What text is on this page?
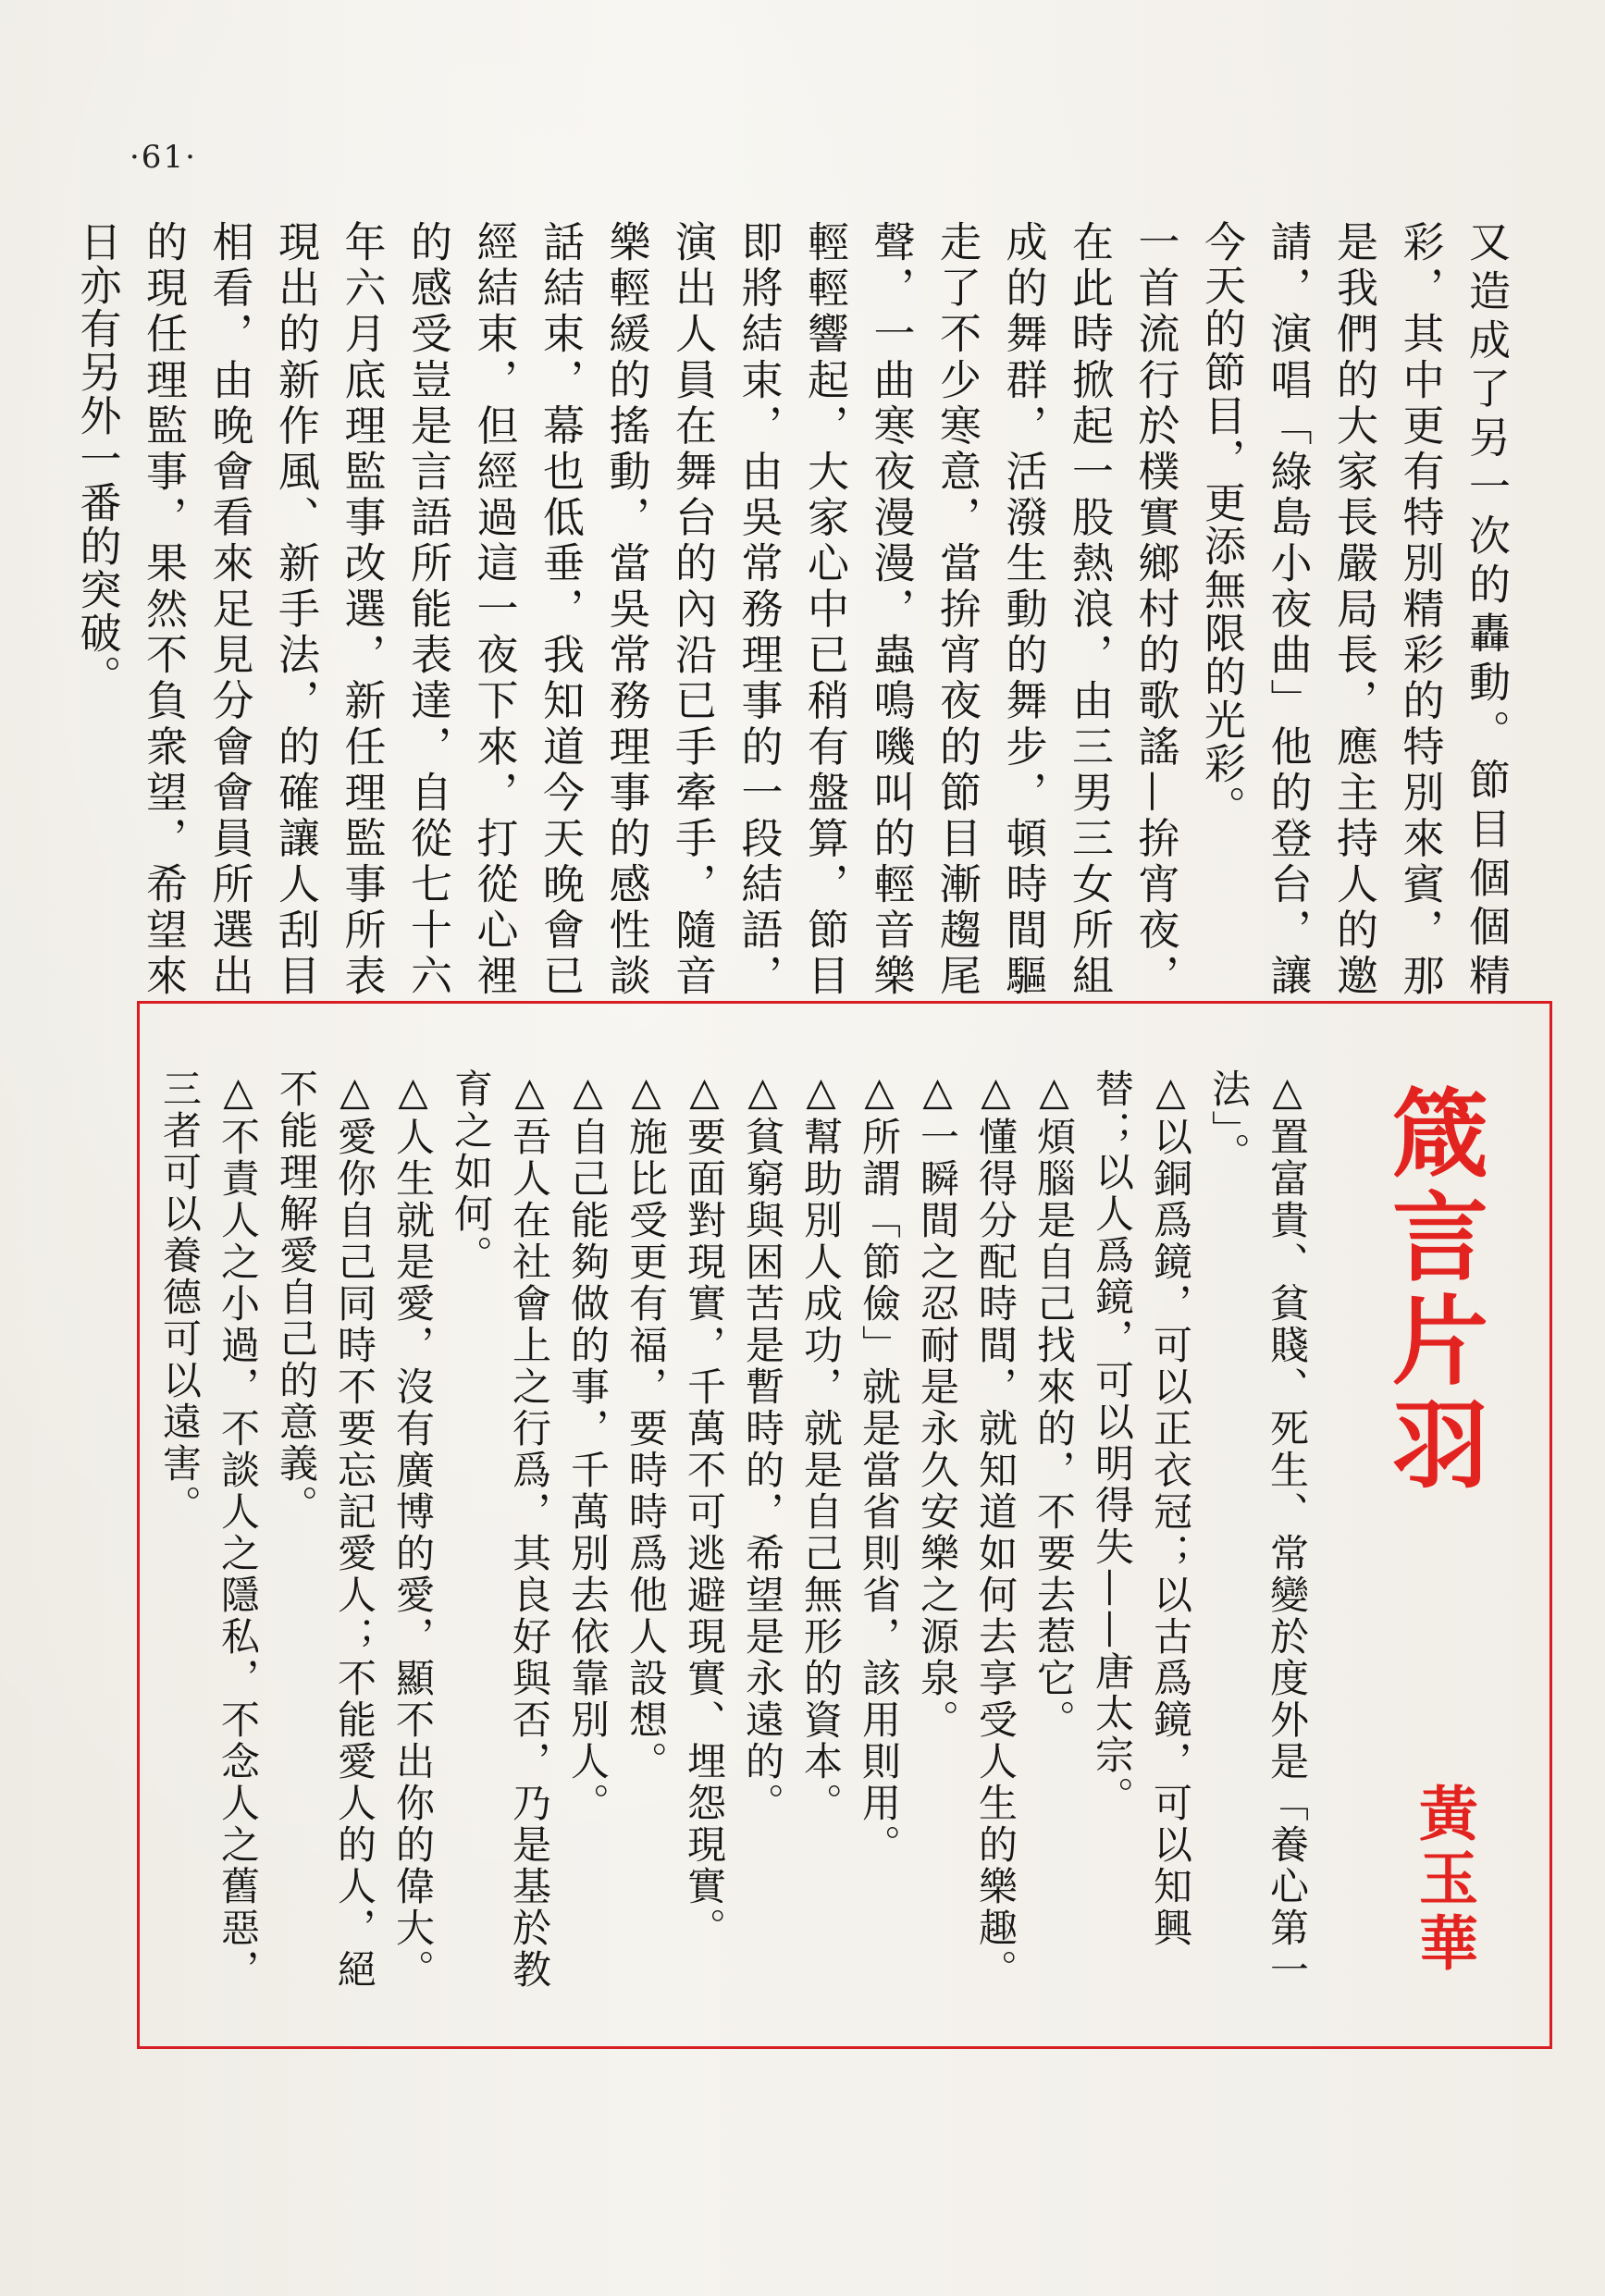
·61·

又造成了另一次的轟動。節目個個精彩，其中更有特別精彩的特別來賓，那是我們的大家長嚴局長，應主持人的邀請，演唱「綠島小夜曲」他的登台，讓今天的節目，更添無限的光彩。

一首流行於樸實鄉村的歌謠—拚宵夜，在此時掀起一股熱浪，由三男三女所組成的舞群，活潑生動的舞步，頓時間驅走了不少寒意，當拚宵夜的節目漸趨尾聲，一曲寒夜漫漫，蟲鳴嘰叫的輕音樂輕輕響起，大家心中已稍有盤算，節目即將結束，由吳常務理事的一段結語，演出人員在舞台的內沿已手牽手，隨音樂輕緩的搖動，當吳常務理事的感性談話結束，幕也低垂，我知道今天晚會已經結束，但經過這一夜下來，打從心裡的感受豈是言語所能表達，自從七十六年六月底理監事改選，新任理監事所表現出的新作風、新手法，的確讓人刮目相看，由晚會看來足見分會會員所選出的現任理監事，果然不負衆望，希望來日亦有另外一番的突破。

箴言片羽
黃玉華

△置富貴、貧賤、死生、常變於度外是「養心第一法」。

△以銅爲鏡，可以正衣冠；以古爲鏡，可以知興替；以人爲鏡，可以明得失——唐太宗。

△煩腦是自己找來的，不要去惹它。

△懂得分配時間，就知道如何去享受人生的樂趣。

△一瞬間之忍耐是永久安樂之源泉。

△所謂「節儉」就是當省則省，該用則用。

△幫助別人成功，就是自己無形的資本。

△貧窮與困苦是暫時的，希望是永遠的。

△要面對現實，千萬不可逃避現實、埋怨現實。

△施比受更有福，要時時爲他人設想。

△自己能夠做的事，千萬別去依靠別人。

△吾人在社會上之行爲，其良好與否，乃是基於教育之如何。

△人生就是愛，沒有廣博的愛，顯不出你的偉大。

△愛你自己同時不要忘記愛人；不能愛人的人，絕不能理解愛自己的意義。

△不責人之小過，不談人之隱私，不念人之舊惡，三者可以養德可以遠害。
